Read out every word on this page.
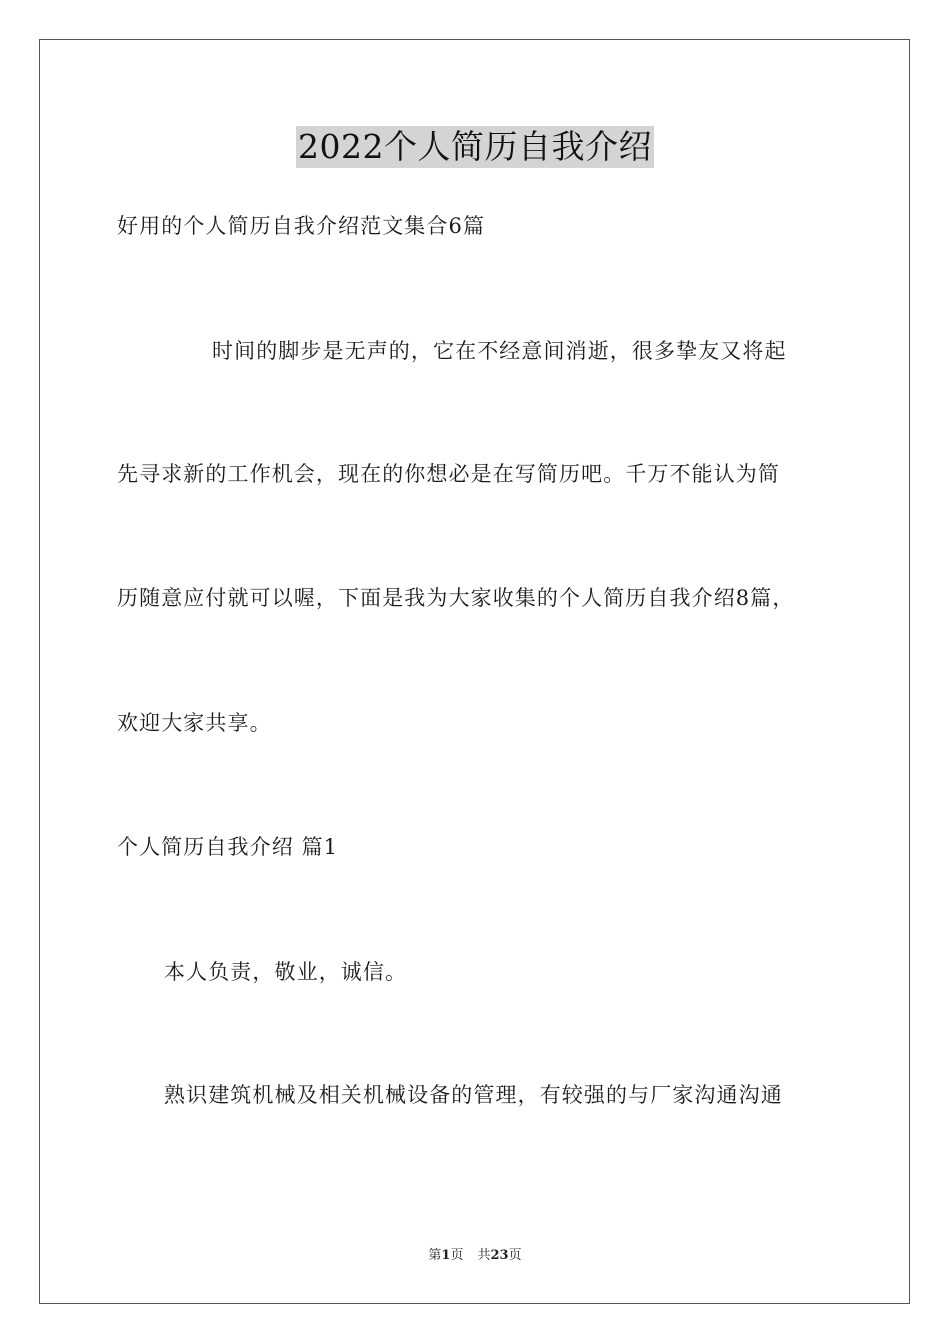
2022个人简历自我介绍
好用的个人简历自我介绍范文集合6篇
时间的脚步是无声的，它在不经意间消逝，很多挚友又将起
先寻求新的工作机会，现在的你想必是在写简历吧。千万不能认为简
历随意应付就可以喔，下面是我为大家收集的个人简历自我介绍8篇，
欢迎大家共享。
个人简历自我介绍 篇1
本人负责，敬业，诚信。
熟识建筑机械及相关机械设备的管理，有较强的与厂家沟通沟通
第1页 共23页
